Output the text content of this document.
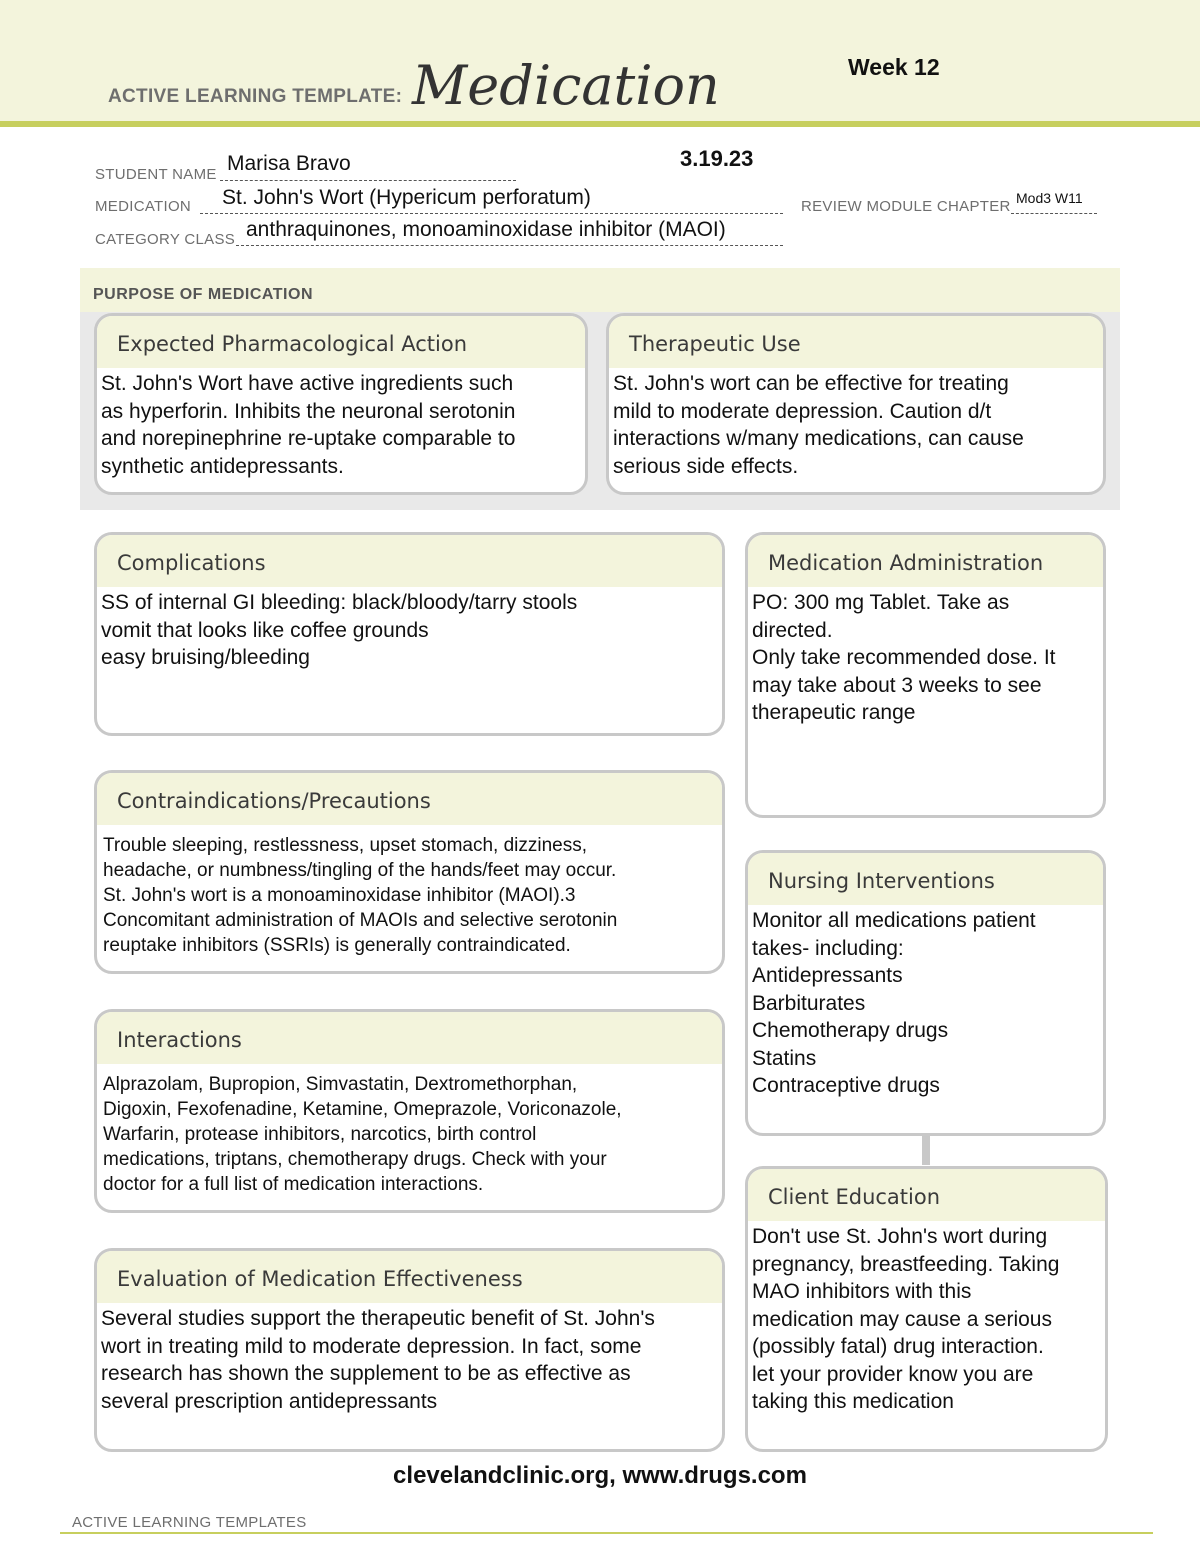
ACTIVE LEARNING TEMPLATE: Medication	Week 12
STUDENT NAME Marisa Bravo	3.19.23
MEDICATION St. John's Wort (Hypericum perforatum)	REVIEW MODULE CHAPTER Mod3 W11
CATEGORY CLASS anthraquinones, monoaminoxidase inhibitor (MAOI)
PURPOSE OF MEDICATION
Expected Pharmacological Action
St. John's Wort have active ingredients such
as hyperforin. Inhibits the neuronal serotonin
and norepinephrine re-uptake comparable to
synthetic antidepressants.
Therapeutic Use
St. John's wort can be effective for treating
mild to moderate depression. Caution d/t
interactions w/many medications, can cause
serious side effects.
Complications
SS of internal GI bleeding: black/bloody/tarry stools
vomit that looks like coffee grounds
easy bruising/bleeding
Contraindications/Precautions
Trouble sleeping, restlessness, upset stomach, dizziness,
headache, or numbness/tingling of the hands/feet may occur.
St. John's wort is a monoaminoxidase inhibitor (MAOI).3
Concomitant administration of MAOIs and selective serotonin
reuptake inhibitors (SSRIs) is generally contraindicated.
Interactions
Alprazolam, Bupropion, Simvastatin, Dextromethorphan,
Digoxin, Fexofenadine, Ketamine, Omeprazole, Voriconazole,
Warfarin, protease inhibitors, narcotics, birth control
medications, triptans, chemotherapy drugs. Check with your
doctor for a full list of medication interactions.
Evaluation of Medication Effectiveness
Several studies support the therapeutic benefit of St. John's
wort in treating mild to moderate depression. In fact, some
research has shown the supplement to be as effective as
several prescription antidepressants
Medication Administration
PO: 300 mg Tablet. Take as
directed.
Only take recommended dose. It
may take about 3 weeks to see
therapeutic range
Nursing Interventions
Monitor all medications patient
takes- including:
Antidepressants
Barbiturates
Chemotherapy drugs
Statins
Contraceptive drugs
Client Education
Don't use St. John's wort during
pregnancy, breastfeeding. Taking
MAO inhibitors with this
medication may cause a serious
(possibly fatal) drug interaction.
let your provider know you are
taking this medication
clevelandclinic.org, www.drugs.com
ACTIVE LEARNING TEMPLATES
